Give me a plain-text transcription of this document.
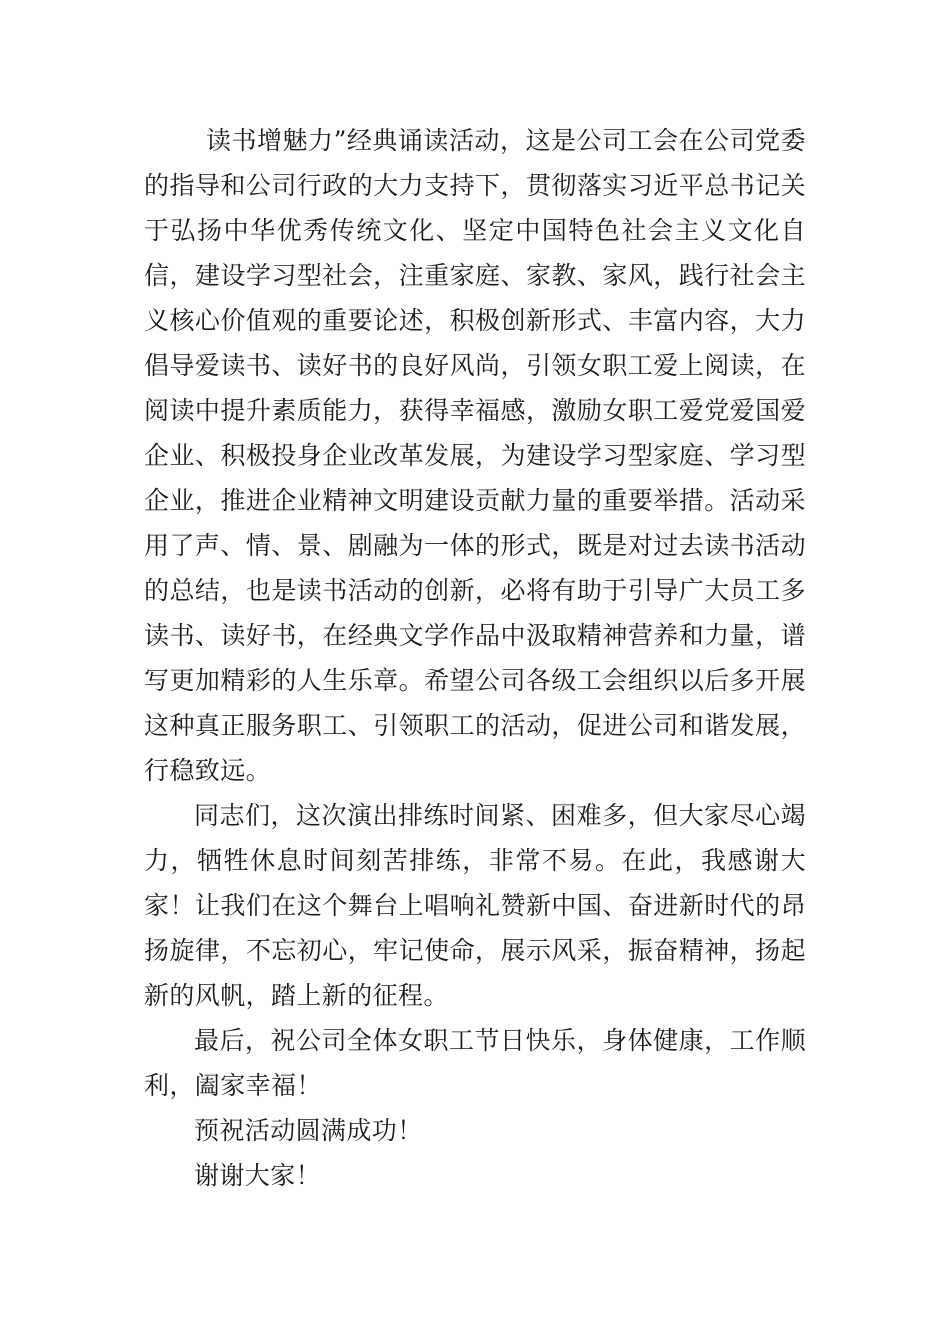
读书增魅力”经典诵读活动，这是公司工会在公司党委的指导和公司行政的大力支持下，贯彻落实习近平总书记关于弘扬中华优秀传统文化、坚定中国特色社会主义文化自信，建设学习型社会，注重家庭、家教、家风，践行社会主义核心价值观的重要论述，积极创新形式、丰富内容，大力倡导爱读书、读好书的良好风尚，引领女职工爱上阅读，在阅读中提升素质能力，获得幸福感，激励女职工爱党爱国爱企业、积极投身企业改革发展，为建设学习型家庭、学习型企业，推进企业精神文明建设贡献力量的重要举措。活动采用了声、情、景、剧融为一体的形式，既是对过去读书活动的总结，也是读书活动的创新，必将有助于引导广大员工多读书、读好书，在经典文学作品中汲取精神营养和力量，谱写更加精彩的人生乐章。希望公司各级工会组织以后多开展这种真正服务职工、引领职工的活动，促进公司和谐发展，行稳致远。

同志们，这次演出排练时间紧、困难多，但大家尽心竭力，牺牲休息时间刻苦排练，非常不易。在此，我感谢大家！让我们在这个舞台上唱响礼赞新中国、奋进新时代的昂扬旋律，不忘初心，牢记使命，展示风采，振奋精神，扬起新的风帆，踏上新的征程。

最后，祝公司全体女职工节日快乐，身体健康，工作顺利，阖家幸福！

预祝活动圆满成功！

谢谢大家！
